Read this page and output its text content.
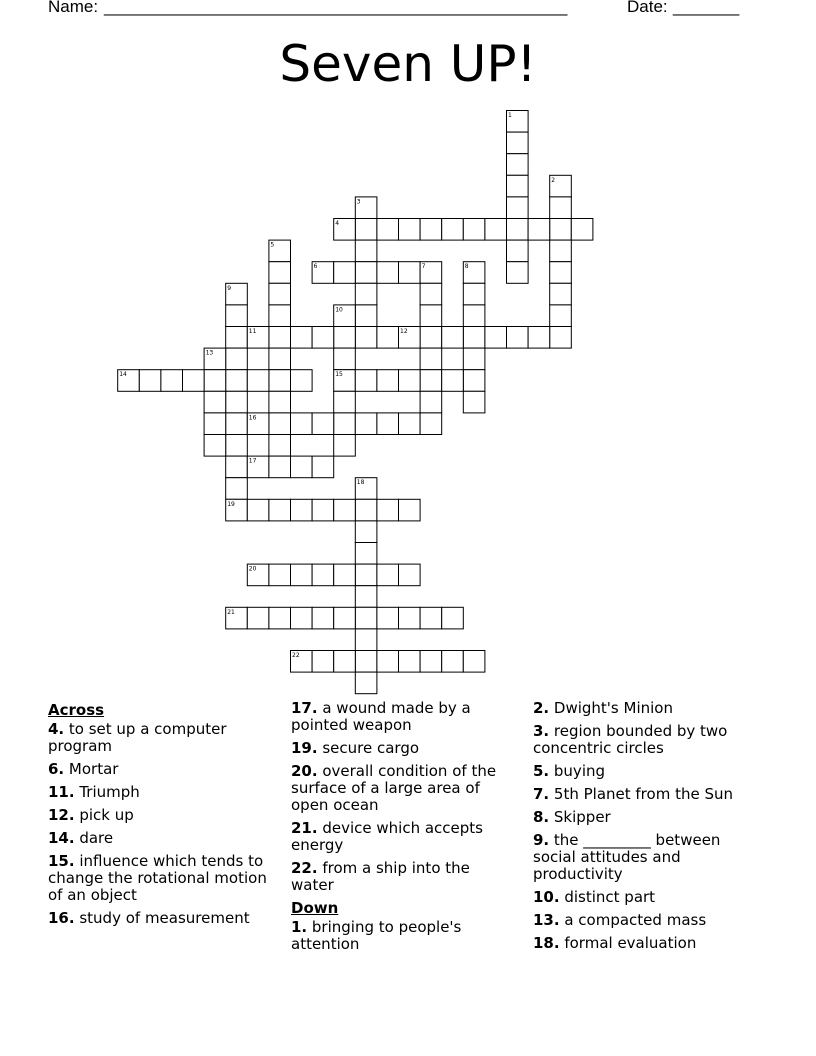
Name: _________________________________________________	Date: _______
Seven UP!
1
2
3
4
5
6	7	8
9
10
11	12
13
14	15
16
17
18
19
20
21
22
Across
4. to set up a computer program
6. Mortar
11. Triumph
12. pick up
14. dare
15. influence which tends to change the rotational motion of an object
16. study of measurement
17. a wound made by a pointed weapon
19. secure cargo
20. overall condition of the surface of a large area of open ocean
21. device which accepts energy
22. from a ship into the water
Down
1. bringing to people's attention
2. Dwight's Minion
3. region bounded by two concentric circles
5. buying
7. 5th Planet from the Sun
8. Skipper
9. the _________ between social attitudes and productivity
10. distinct part
13. a compacted mass
18. formal evaluation
